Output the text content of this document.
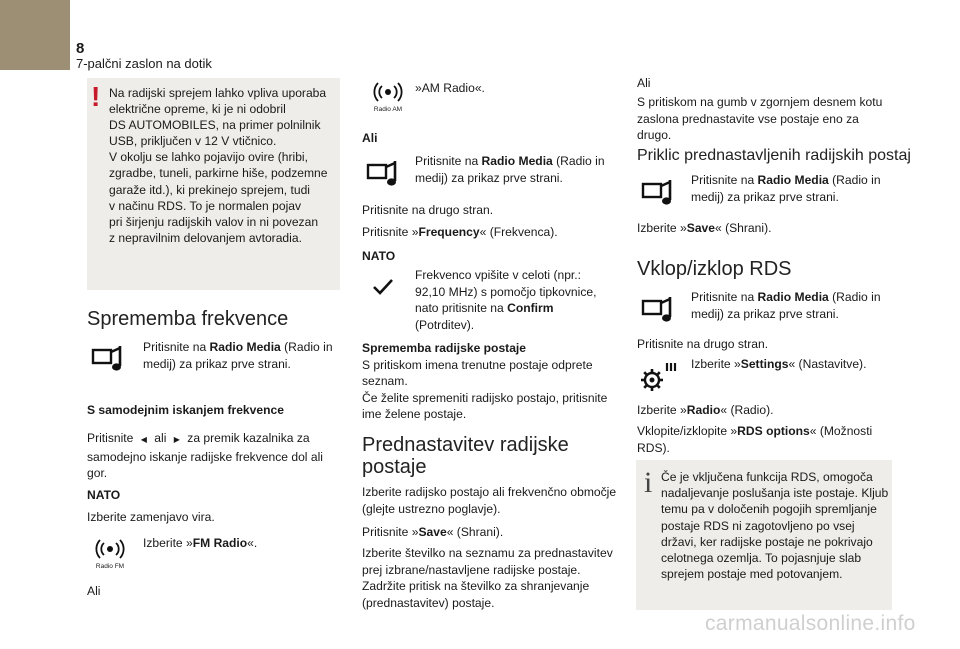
8
7-palčni zaslon na dotik
! Na radijski sprejem lahko vpliva uporaba
električne opreme, ki je ni odobril
DS AUTOMOBILES, na primer polnilnik
USB, priključen v 12 V vtičnico.
V okolju se lahko pojavijo ovire (hribi,
zgradbe, tuneli, parkirne hiše, podzemne
garaže itd.), ki prekinejo sprejem, tudi
v načinu RDS. To je normalen pojav
pri širjenju radijskih valov in ni povezan
z nepravilnim delovanjem avtoradia.
Sprememba frekvence
Pritisnite na Radio Media (Radio in
medij) za prikaz prve strani.
S samodejnim iskanjem frekvence
Pritisnite ◀ ali ▶ za premik kazalnika za
samodejno iskanje radijske frekvence dol ali
gor.
NATO
Izberite zamenjavo vira.
Radio FM
Izberite »FM Radio«.
Ali
Radio AM
»AM Radio«.
Ali
Pritisnite na Radio Media (Radio in
medij) za prikaz prve strani.
Pritisnite na drugo stran.
Pritisnite »Frequency« (Frekvenca).
NATO
Frekvenco vpišite v celoti (npr.:
92,10 MHz) s pomočjo tipkovnice,
nato pritisnite na Confirm
(Potrditev).
Sprememba radijske postaje
S pritiskom imena trenutne postaje odprete
seznam.
Če želite spremeniti radijsko postajo, pritisnite
ime želene postaje.
Prednastavitev radijske
postaje
Izberite radijsko postajo ali frekvenčno območje
(glejte ustrezno poglavje).
Pritisnite »Save« (Shrani).
Izberite številko na seznamu za prednastavitev
prej izbrane/nastavljene radijske postaje.
Zadržite pritisk na številko za shranjevanje
(prednastavitev) postaje.
Ali
S pritiskom na gumb v zgornjem desnem kotu
zaslona prednastavite vse postaje eno za
drugo.
Priklic prednastavljenih radijskih postaj
Pritisnite na Radio Media (Radio in
medij) za prikaz prve strani.
Izberite »Save« (Shrani).
Vklop/izklop RDS
Pritisnite na Radio Media (Radio in
medij) za prikaz prve strani.
Pritisnite na drugo stran.
Izberite »Settings« (Nastavitve).
Izberite »Radio« (Radio).
Vklopite/izklopite »RDS options« (Možnosti
RDS).
i Če je vključena funkcija RDS, omogoča
nadaljevanje poslušanja iste postaje. Kljub
temu pa v določenih pogojih spremljanje
postaje RDS ni zagotovljeno po vsej
državi, ker radijske postaje ne pokrivajo
celotnega ozemlja. To pojasnjuje slab
sprejem postaje med potovanjem.
carmanualsonline.info
